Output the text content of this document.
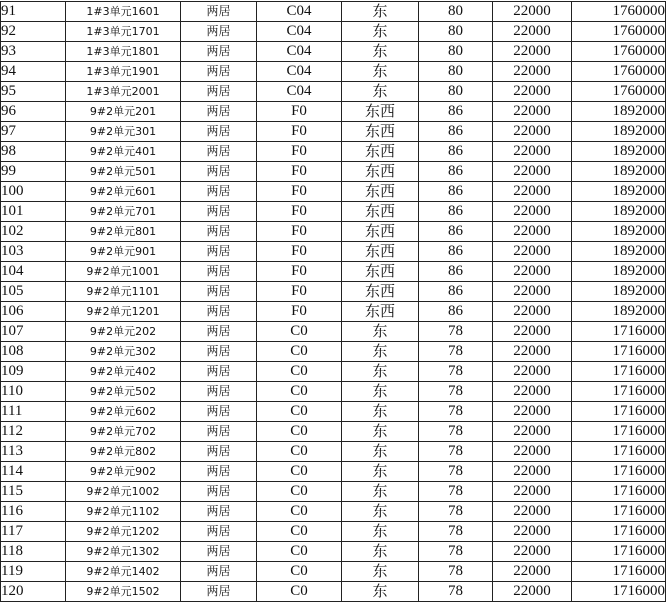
91	1#3单元1601	两居	C04	东	80	22000	1760000
92	1#3单元1701	两居	C04	东	80	22000	1760000
93	1#3单元1801	两居	C04	东	80	22000	1760000
94	1#3单元1901	两居	C04	东	80	22000	1760000
95	1#3单元2001	两居	C04	东	80	22000	1760000
96	9#2单元201	两居	F0	东西	86	22000	1892000
97	9#2单元301	两居	F0	东西	86	22000	1892000
98	9#2单元401	两居	F0	东西	86	22000	1892000
99	9#2单元501	两居	F0	东西	86	22000	1892000
100	9#2单元601	两居	F0	东西	86	22000	1892000
101	9#2单元701	两居	F0	东西	86	22000	1892000
102	9#2单元801	两居	F0	东西	86	22000	1892000
103	9#2单元901	两居	F0	东西	86	22000	1892000
104	9#2单元1001	两居	F0	东西	86	22000	1892000
105	9#2单元1101	两居	F0	东西	86	22000	1892000
106	9#2单元1201	两居	F0	东西	86	22000	1892000
107	9#2单元202	两居	C0	东	78	22000	1716000
108	9#2单元302	两居	C0	东	78	22000	1716000
109	9#2单元402	两居	C0	东	78	22000	1716000
110	9#2单元502	两居	C0	东	78	22000	1716000
111	9#2单元602	两居	C0	东	78	22000	1716000
112	9#2单元702	两居	C0	东	78	22000	1716000
113	9#2单元802	两居	C0	东	78	22000	1716000
114	9#2单元902	两居	C0	东	78	22000	1716000
115	9#2单元1002	两居	C0	东	78	22000	1716000
116	9#2单元1102	两居	C0	东	78	22000	1716000
117	9#2单元1202	两居	C0	东	78	22000	1716000
118	9#2单元1302	两居	C0	东	78	22000	1716000
119	9#2单元1402	两居	C0	东	78	22000	1716000
120	9#2单元1502	两居	C0	东	78	22000	1716000
